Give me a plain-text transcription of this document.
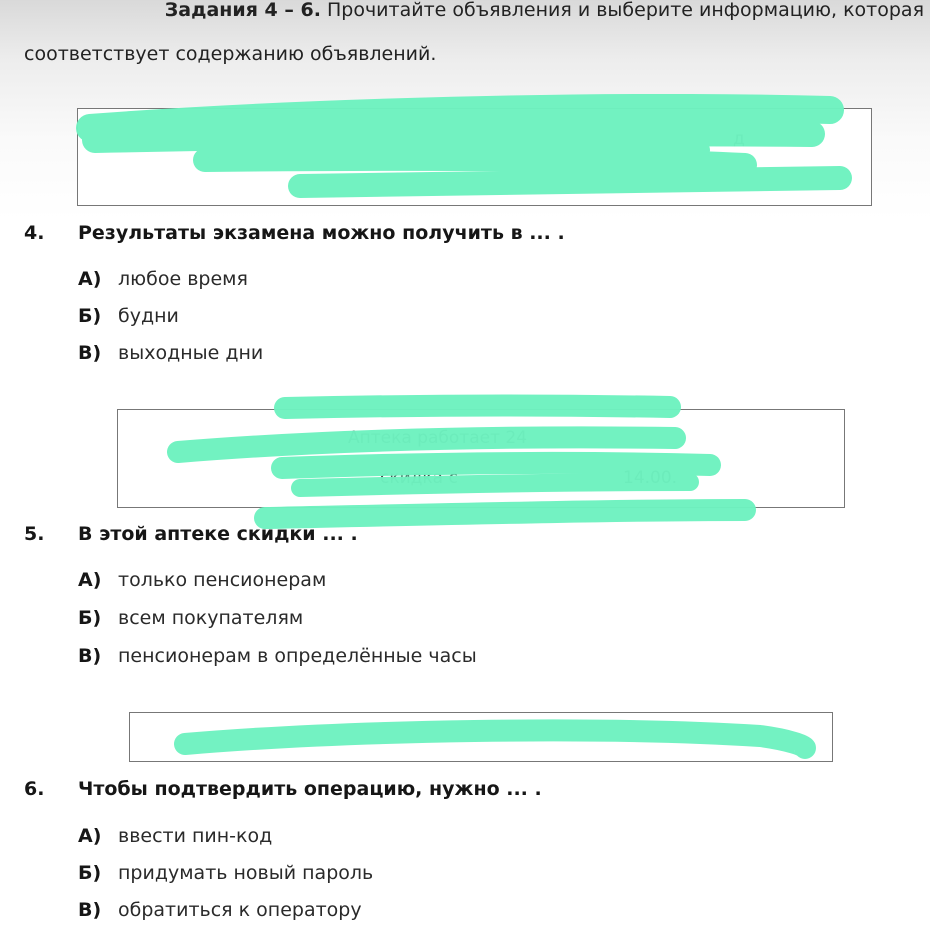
Задания 4 – 6. Прочитайте объявления и выберите информацию, которая
соответствует содержанию объявлений.
д
4. Результаты экзамена можно получить в ... .
А) любое время
Б) будни
В) выходные дни
Аптека работает 24
скидка с	14.00.
5. В этой аптеке скидки ... .
А) только пенсионерам
Б) всем покупателям
В) пенсионерам в определённые часы
6. Чтобы подтвердить операцию, нужно ... .
А) ввести пин-код
Б) придумать новый пароль
В) обратиться к оператору
